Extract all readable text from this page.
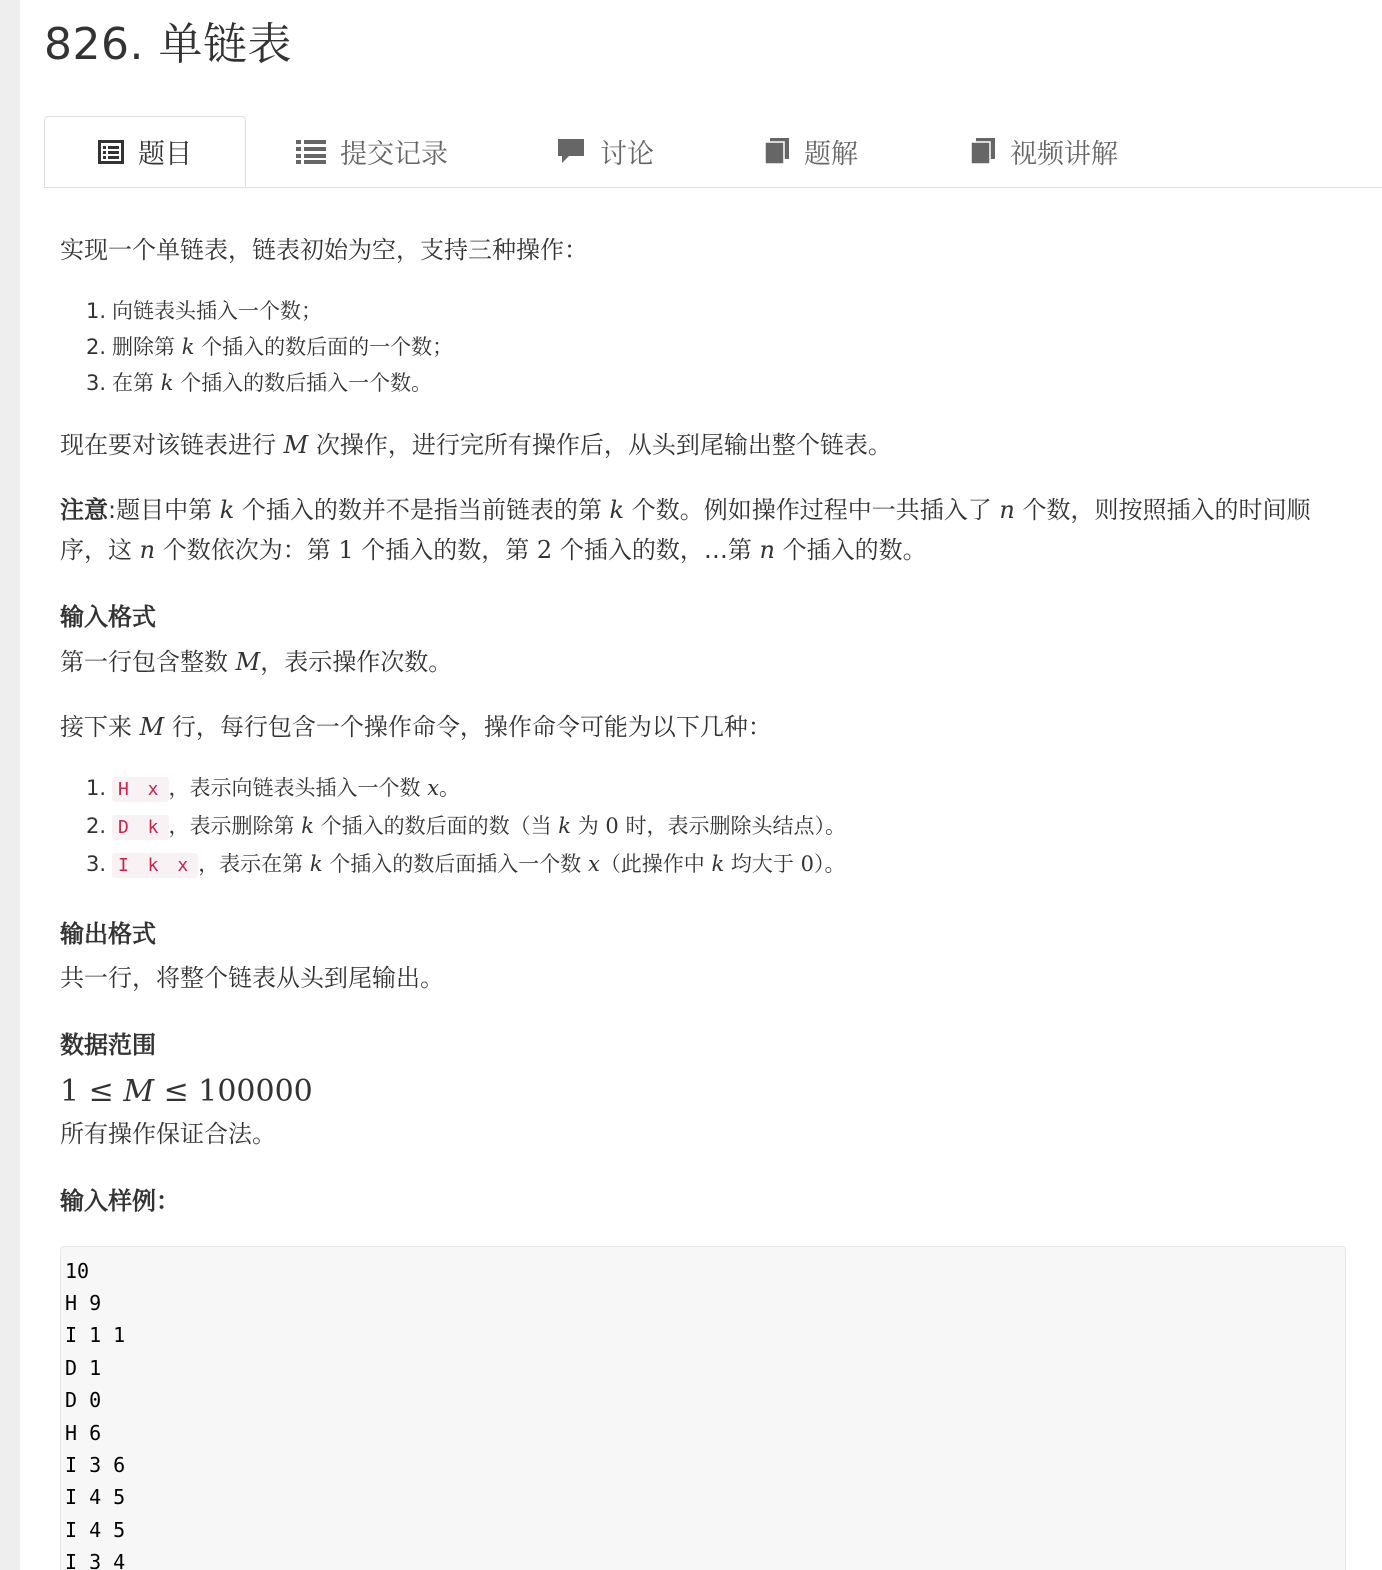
826. 单链表
题目	提交记录	讨论	题解	视频讲解

实现一个单链表，链表初始为空，支持三种操作：

1. 向链表头插入一个数；
2. 删除第 k 个插入的数后面的一个数；
3. 在第 k 个插入的数后插入一个数。

现在要对该链表进行 M 次操作，进行完所有操作后，从头到尾输出整个链表。

注意:题目中第 k 个插入的数并不是指当前链表的第 k 个数。例如操作过程中一共插入了 n 个数，则按照插入的时间顺序，这 n 个数依次为：第 1 个插入的数，第 2 个插入的数，…第 n 个插入的数。

输入格式

第一行包含整数 M，表示操作次数。

接下来 M 行，每行包含一个操作命令，操作命令可能为以下几种：

1. H x ，表示向链表头插入一个数 x。
2. D k ，表示删除第 k 个插入的数后面的数（当 k 为 0 时，表示删除头结点）。
3. I k x ，表示在第 k 个插入的数后面插入一个数 x（此操作中 k 均大于 0）。
输出格式

共一行，将整个链表从头到尾输出。

数据范围

1 ≤ M ≤ 100000

所有操作保证合法。

输入样例：
10
H 9
I 1 1
D 1
D 0
H 6
I 3 6
I 4 5
I 4 5
I 3 4
